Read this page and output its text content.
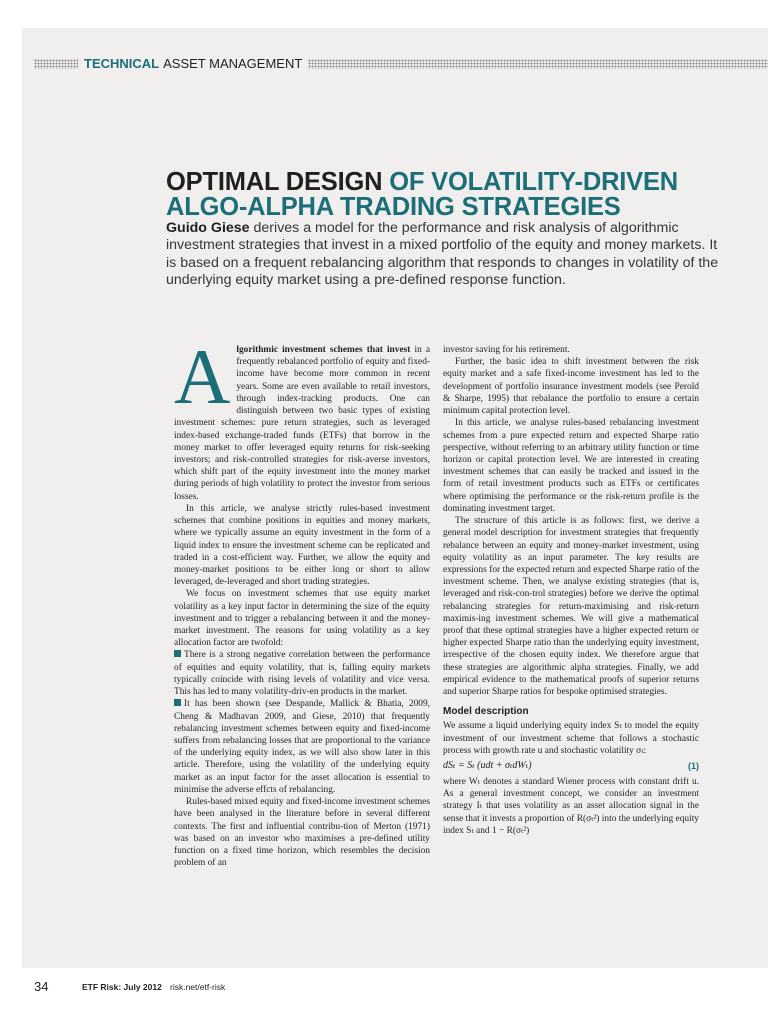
TECHNICAL ASSET MANAGEMENT
OPTIMAL DESIGN OF VOLATILITY-DRIVEN
ALGO-ALPHA TRADING STRATEGIES

Guido Giese derives a model for the performance and risk analysis of algorithmic investment strategies that invest in a mixed portfolio of the equity and money markets. It is based on a frequent rebalancing algorithm that responds to changes in volatility of the underlying equity market using a pre-defined response function.

A lgorithmic investment schemes that invest in a frequently rebalanced portfolio of equity and fixed-income have become more common in recent years. Some are even available to retail investors, through index-tracking products. One can distinguish between two basic types of existing investment schemes: pure return strategies, such as leveraged index-based exchange-traded funds (ETFs) that borrow in the money market to offer leveraged equity returns for risk-seeking investors; and risk-controlled strategies for risk-averse investors, which shift part of the equity investment into the money market during periods of high volatility to protect the investor from serious losses.

In this article, we analyse strictly rules-based investment schemes that combine positions in equities and money markets, where we typically assume an equity investment in the form of a liquid index to ensure the investment scheme can be replicated and traded in a cost-efficient way. Further, we allow the equity and money-market positions to be either long or short to allow leveraged, de-leveraged and short trading strategies.

We focus on investment schemes that use equity market volatility as a key input factor in determining the size of the equity investment and to trigger a rebalancing between it and the money-market investment. The reasons for using volatility as a key allocation factor are twofold:

There is a strong negative correlation between the performance of equities and equity volatility, that is, falling equity markets typically coincide with rising levels of volatility and vice versa. This has led to many volatility-driv-en products in the market.

It has been shown (see Despande, Mallick & Bhatia, 2009, Cheng & Madhavan 2009, and Giese, 2010) that frequently rebalancing investment schemes between equity and fixed-income suffers from rebalancing losses that are proportional to the variance of the underlying equity index, as we will also show later in this article. Therefore, using the volatility of the underlying equity market as an input factor for the asset allocation is essential to minimise the adverse effcts of rebalancing.

Rules-based mixed equity and fixed-income investment schemes have been analysed in the literature before in several different contexts. The first and influential contribu-tion of Merton (1971) was based on an investor who maximises a pre-defined utility function on a fixed time horizon, which resembles the decision problem of an

investor saving for his retirement.

Further, the basic idea to shift investment between the risk equity market and a safe fixed-income investment has led to the development of portfolio insurance investment models (see Perold & Sharpe, 1995) that rebalance the portfolio to ensure a certain minimum capital protection level.

In this article, we analyse rules-based rebalancing investment schemes from a pure expected return and expected Sharpe ratio perspective, without referring to an arbitrary utility function or time horizon or capital protection level. We are interested in creating investment schemes that can easily be tracked and issued in the form of retail investment products such as ETFs or certificates where optimising the performance or the risk-return profile is the dominating investment target.

The structure of this article is as follows: first, we derive a general model description for investment strategies that frequently rebalance between an equity and money-market investment, using equity volatility as an input parameter. The key results are expressions for the expected return and expected Sharpe ratio of the investment scheme. Then, we analyse existing strategies (that is, leveraged and risk-con-trol strategies) before we derive the optimal rebalancing strategies for return-maximising and risk-return maximis-ing investment schemes. We will give a mathematical proof that these optimal strategies have a higher expected return or higher expected Sharpe ratio than the underlying equity investment, irrespective of the chosen equity index. We therefore argue that these strategies are algorithmic alpha strategies. Finally, we add empirical evidence to the mathematical proofs of superior returns and superior Sharpe ratios for bespoke optimised strategies.

Model description

We assume a liquid underlying equity index Sₜ to model the equity investment of our investment scheme that follows a stochastic process with growth rate u and stochastic volatility σₜ:

dSₜ = Sₜ (udt + σₜdWₜ)	(1)

where Wₜ denotes a standard Wiener process with constant drift u. As a general investment concept, we consider an investment strategy Iₜ that uses volatility as an asset allocation signal in the sense that it invests a proportion of R(σₜ²) into the underlying equity index Sₜ and 1 − R(σₜ²)

34	ETF Risk: July 2012 risk.net/etf-risk
